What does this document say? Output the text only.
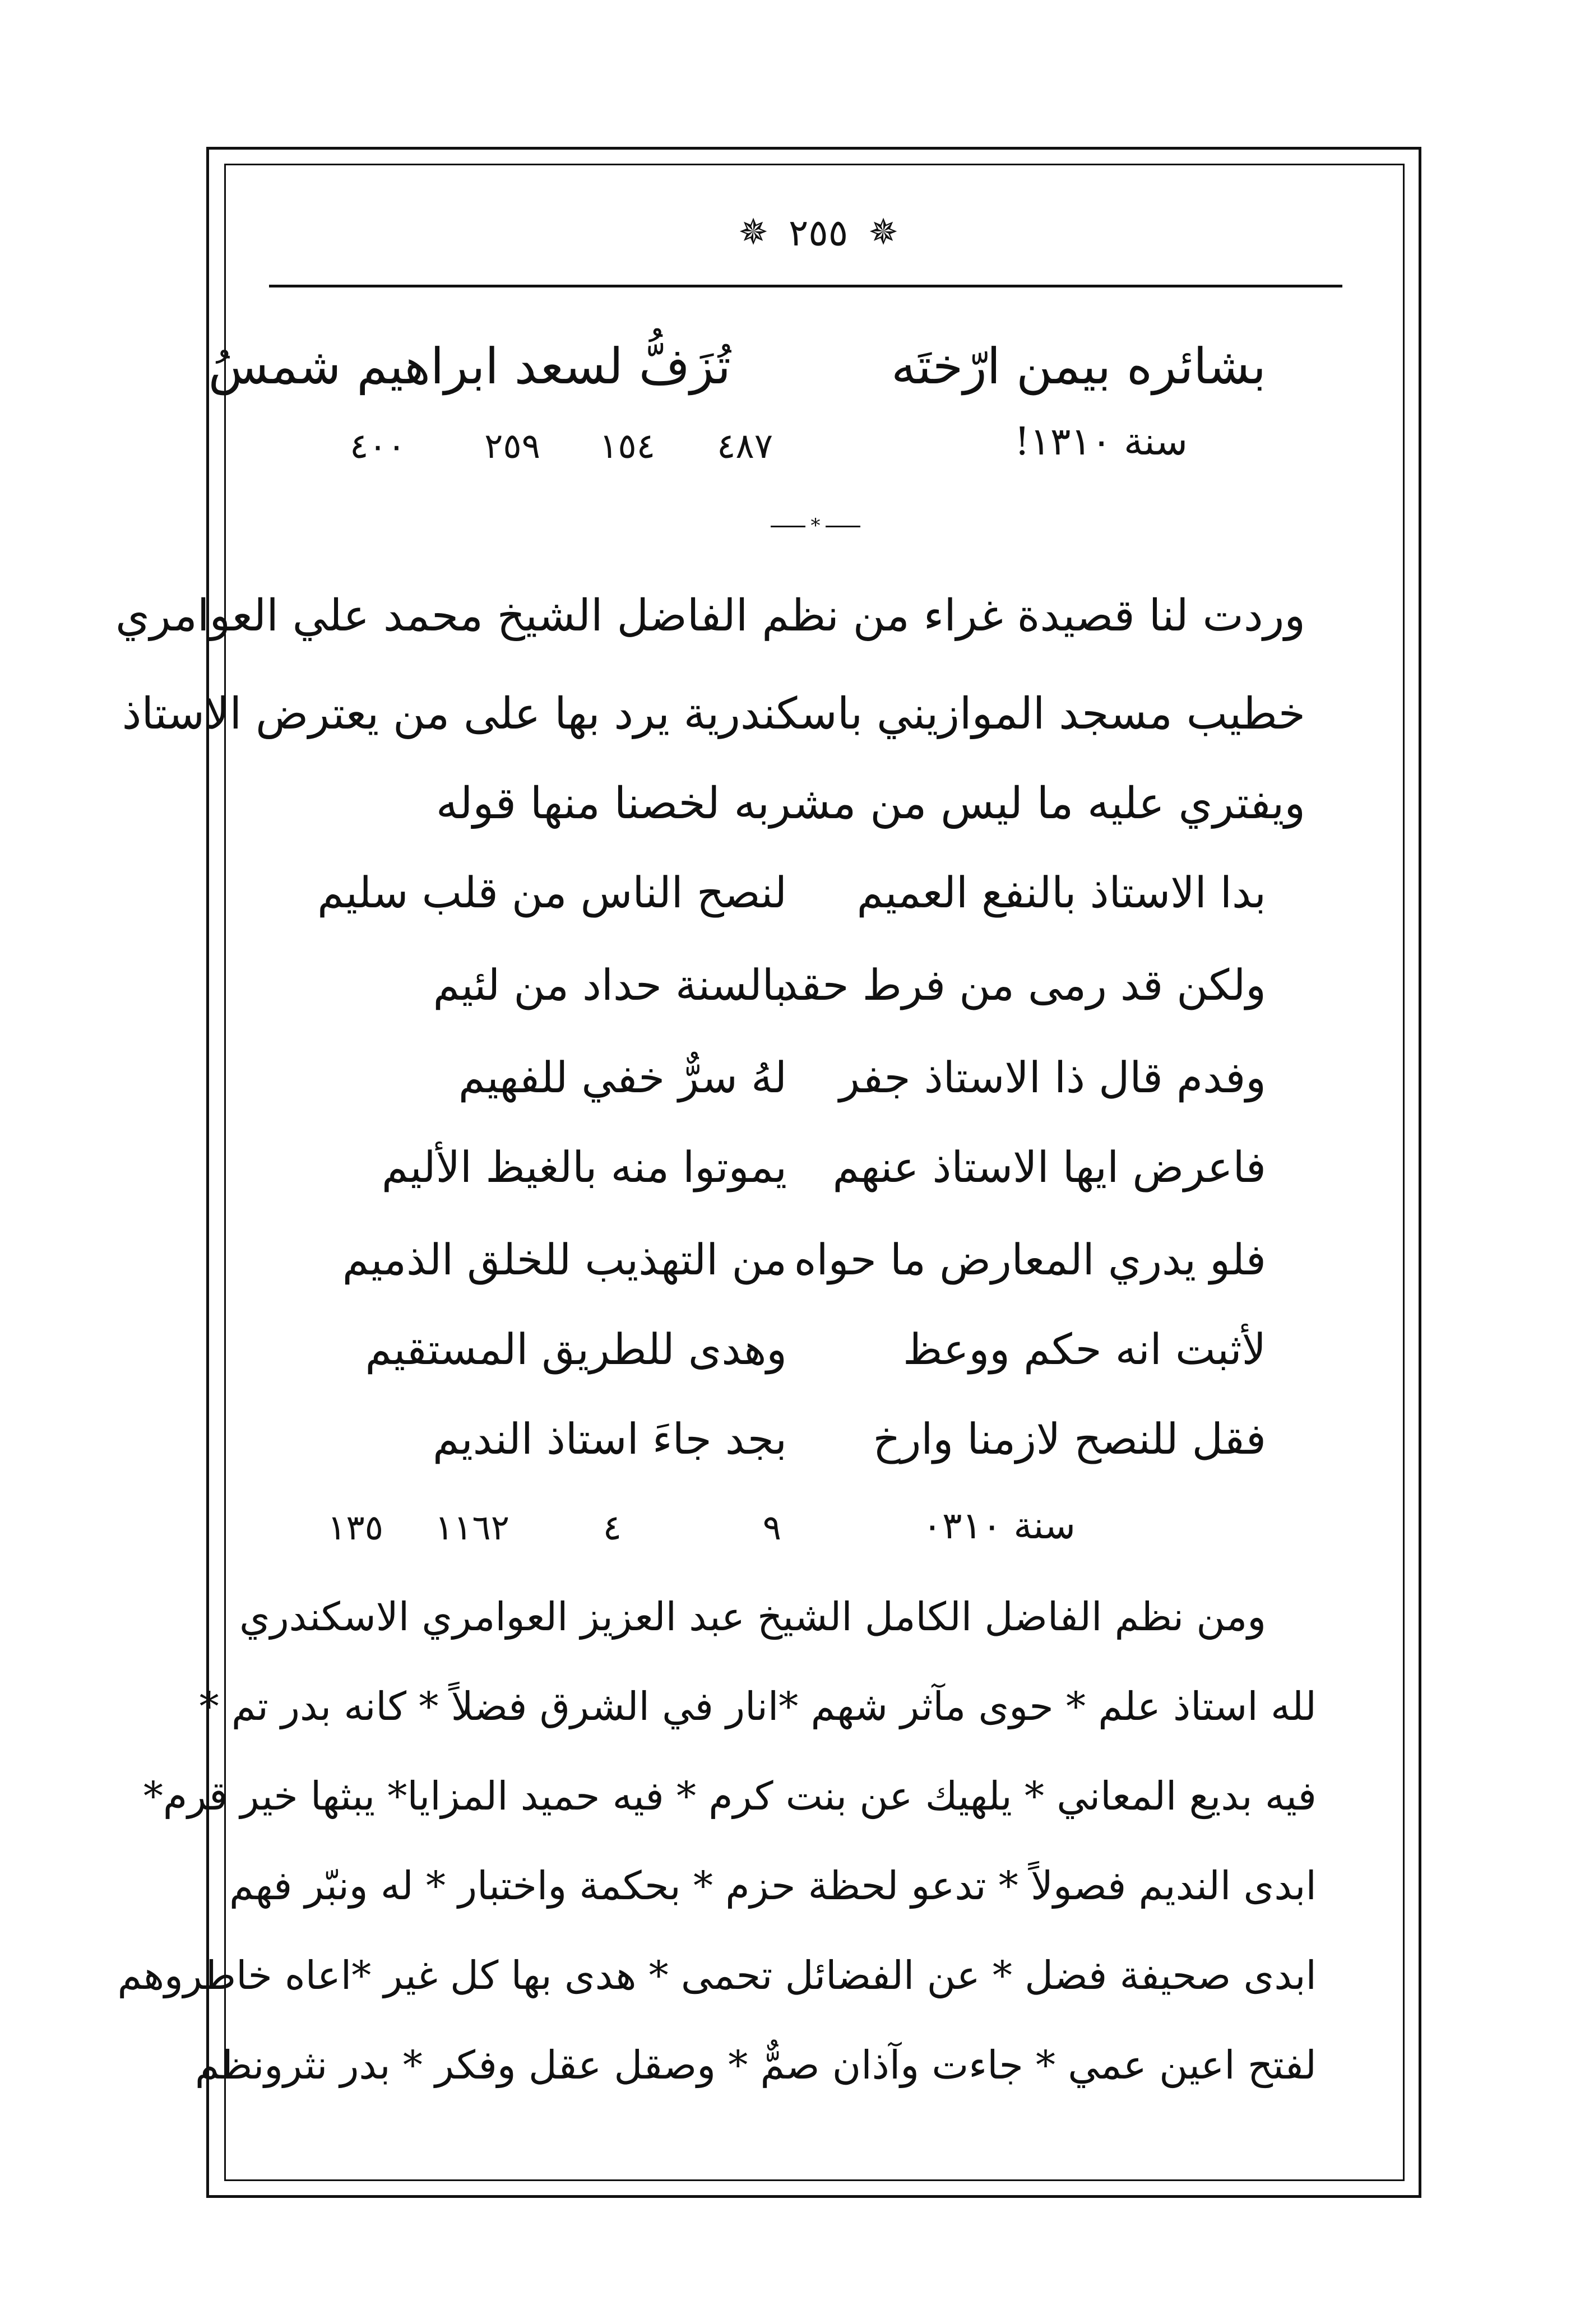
✵
٢٥٥
✵
بشائره بيمن ارّختَه
تُزَفُّ لسعد ابراهيم شمسُ
سنة ١٣١٠!
٤٨٧
١٥٤
٢٥٩
٤٠٠
*
وردت لنا قصيدة غراء من نظم الفاضل الشيخ محمد علي العوامري
خطيب مسجد الموازيني باسكندرية يرد بها على من يعترض الاستاذ
ويفتري عليه ما ليس من مشربه لخصنا منها قوله
بدا الاستاذ بالنفع العميم
لنصح الناس من قلب سليم
ولكن قد رمى من فرط حقد
بالسنة حداد من لئيم
وفدم قال ذا الاستاذ جفر
لهُ سرٌّ خفي للفهيم
فاعرض ايها الاستاذ عنهم
يموتوا منه بالغيظ الأليم
فلو يدري المعارض ما حواه
من التهذيب للخلق الذميم
لأثبت انه حكم ووعظ
وهدى للطريق المستقيم
فقل للنصح لازمنا وارخ
بجد جاءَ استاذ النديم
سنة ٠٣١٠
٩
٤
١١٦٢
١٣٥
ومن نظم الفاضل الكامل الشيخ عبد العزيز العوامري الاسكندري
لله استاذ علم * حوى مآثر شهم *انار في الشرق فضلاً * كانه بدر تم *
فيه بديع المعاني * يلهيك عن بنت كرم * فيه حميد المزايا* يبثها خير قرم*
ابدى النديم فصولاً * تدعو لحظة حزم * بحكمة واختبار * له ونبّر فهم
ابدى صحيفة فضل * عن الفضائل تحمى * هدى بها كل غير *اعاه خاطروهم
لفتح اعين عمي * جاءت وآذان صمٌّ * وصقل عقل وفكر * بدر نثرونظم
